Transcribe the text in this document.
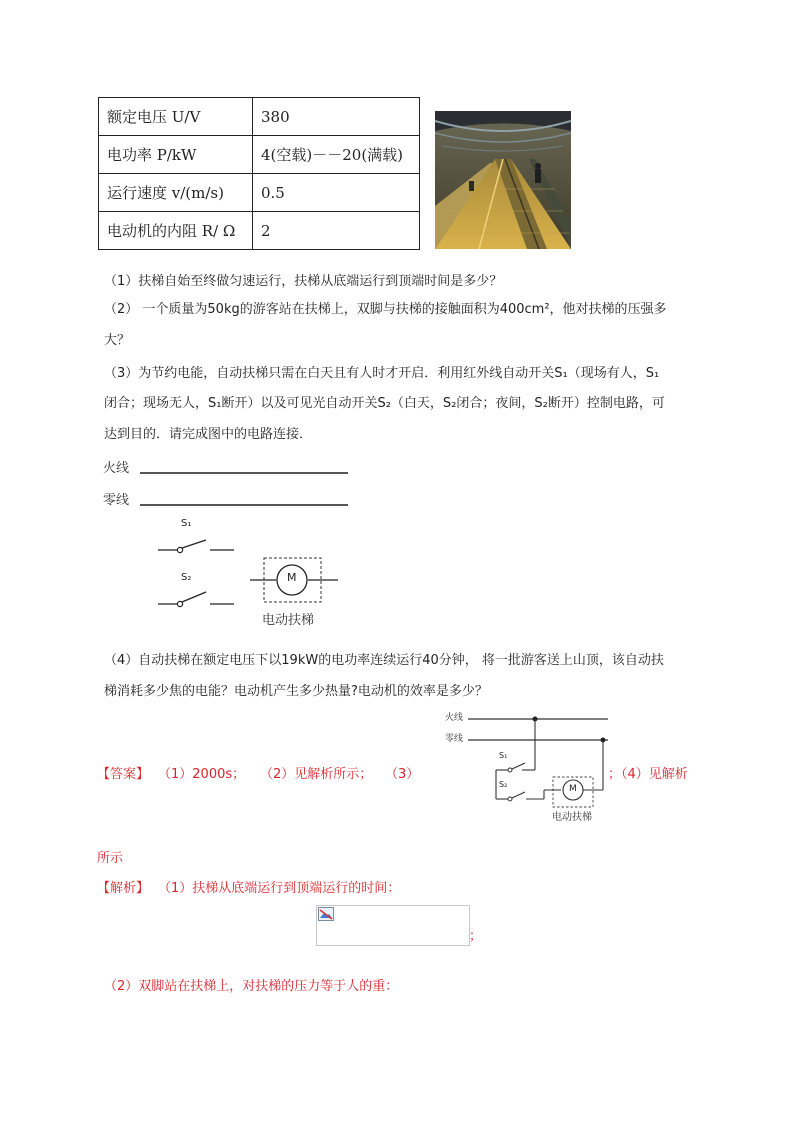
额定电压 U/V	380
电功率 P/kW	4(空载)－－20(满载)
运行速度 v/(m/s)	0.5
电动机的内阻 R/ Ω	2
（1）扶梯自始至终做匀速运行，扶梯从底端运行到顶端时间是多少？
（2） 一个质量为50kg的游客站在扶梯上，双脚与扶梯的接触面积为400cm²，他对扶梯的压强多
大？
（3）为节约电能，自动扶梯只需在白天且有人时才开启．利用红外线自动开关S₁（现场有人，S₁
闭合；现场无人，S₁断开）以及可见光自动开关S₂（白天，S₂闭合；夜间，S₂断开）控制电路，可
达到目的．请完成图中的电路连接．
火线
零线
S₁
S₂	M
电动扶梯
（4）自动扶梯在额定电压下以19kW的电功率连续运行40分钟， 将一批游客送上山顶，该自动扶
梯消耗多少焦的电能？电动机产生多少热量?电动机的效率是多少？
【答案】 （1）2000s； （2）见解析所示； （3）	；（4）见解析
所示
火线
零线
S₁
S₂	M
电动扶梯
【解析】 （1）扶梯从底端运行到顶端运行的时间：
；
（2）双脚站在扶梯上，对扶梯的压力等于人的重：
